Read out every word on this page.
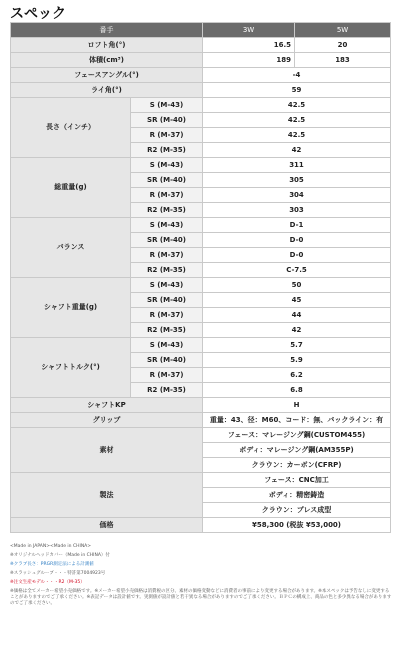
スペック
番手		3W	5W
ロフト角(°)		16.5	20
体積(cm³)		189	183
フェースアングル(°)		-4	
ライ角(°)		59	
長さ（インチ）	S (M-43)	42.5	
	SR (M-40)	42.5	
	R (M-37)	42.5	
	R2 (M-35)	42	
総重量(g)	S (M-43)	311	
	SR (M-40)	305	
	R (M-37)	304	
	R2 (M-35)	303	
バランス	S (M-43)	D-1	
	SR (M-40)	D-0	
	R (M-37)	D-0	
	R2 (M-35)	C-7.5	
シャフト重量(g)	S (M-43)	50	
	SR (M-40)	45	
	R (M-37)	44	
	R2 (M-35)	42	
シャフトトルク(°)	S (M-43)	5.7	
	SR (M-40)	5.9	
	R (M-37)	6.2	
	R2 (M-35)	6.8	
シャフトKP		H	
グリップ		重量：43、径：M60、コード：無、バックライン：有	
素材		フェース：マレージング鋼(CUSTOM455)	
		ボディ：マレージング鋼(AM355P)	
		クラウン：カーボン(CFRP)	
製法		フェース：CNC加工	
		ボディ：精密鋳造	
		クラウン：プレス成型	
価格		¥58,300 (税抜 ¥53,000)	
<Made in JAPAN><Made in CHINA>
※オリジナルヘッドカバー（Made in CHINA）付
※クラブ長さ：PRGR測定法による計測値
※スラッシュグルーブ・・・特許第7004923号
※注文生産モデル・・・R2（M-35）
※価格は全てメーカー希望小売価格です。※メーカー希望小売価格は消費税の区分、素材の価格変動などに消費者の事前により変更する場合があります。※本スペックは予告なしに変更することがありますのでご了承ください。※表記データは設計値です。実測値が設計値と若干異なる場合がありますのでご了承ください。ＢＰＣの構成上、商品の色と多少異なる場合がありますのでご了承ください。
